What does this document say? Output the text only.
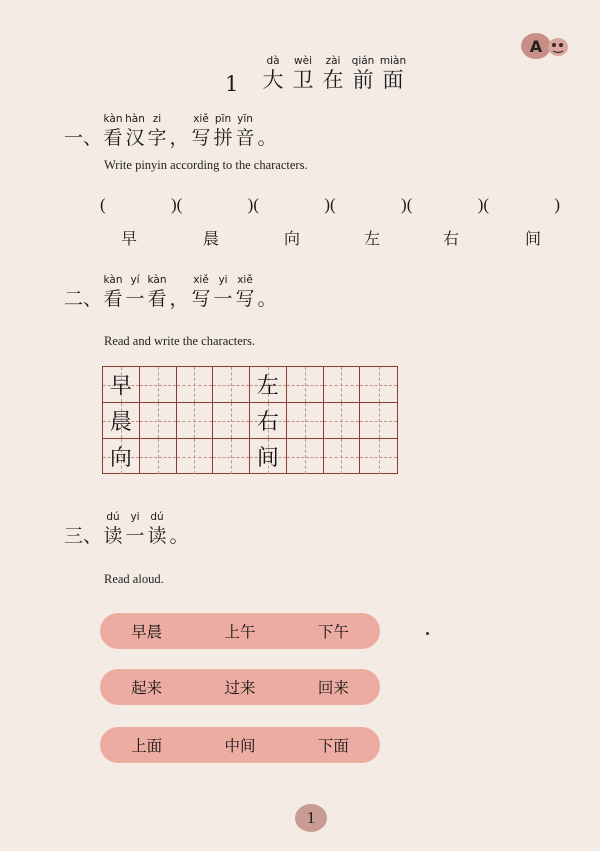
A
1
dà
大
wèi
卫
zài
在
qián
前
miàn
面
一、
kàn
看
hàn
汉
zi
字 ，
xiě
写
pīn
拼
yīn
音 。
Write pinyin according to the characters.
(	) (	) (	) (	) (	) (	)
早	晨	向	左	右	间
二、
kàn
看
yí
一
kàn
看 ，
xiě
写
yi
一
xiě
写 。
Read and write the characters.
早	左
晨	右
向	间
三、
dú
读
yi
一
dú
读 。
Read aloud.
早晨	上午	下午
起来	过来	回来
上面	中间	下面
1
